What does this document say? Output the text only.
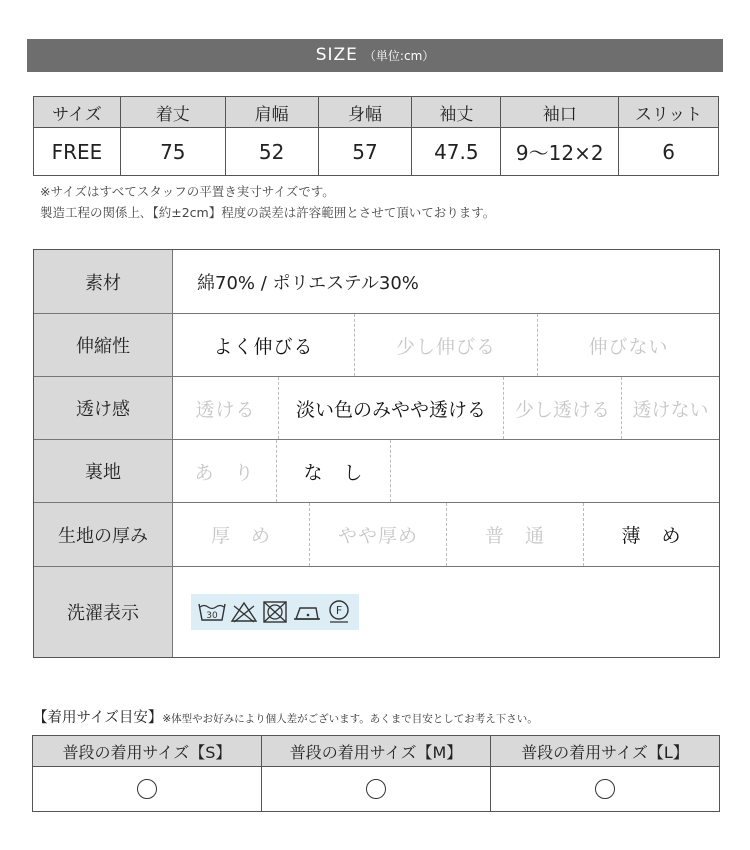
SIZE （単位:cm）
サイズ	着丈	肩幅	身幅	袖丈	袖口	スリット
FREE	75	52	57	47.5	9〜12×2	6
※サイズはすべてスタッフの平置き実寸サイズです。
製造工程の関係上､【約±2cm】程度の誤差は許容範囲とさせて頂いております。
素材	綿70% / ポリエステル30%
伸縮性	よく伸びる	少し伸びる	伸びない
透け感	透ける	淡い色のみやや透ける	少し透ける	透けない
裏地	あ　り	な　し
生地の厚み	厚　め	やや厚め	普　通	薄　め
洗濯表示	30	F
【着用サイズ目安】※体型やお好みにより個人差がございます。あくまで目安としてお考え下さい。
普段の着用サイズ【S】	普段の着用サイズ【M】	普段の着用サイズ【L】
